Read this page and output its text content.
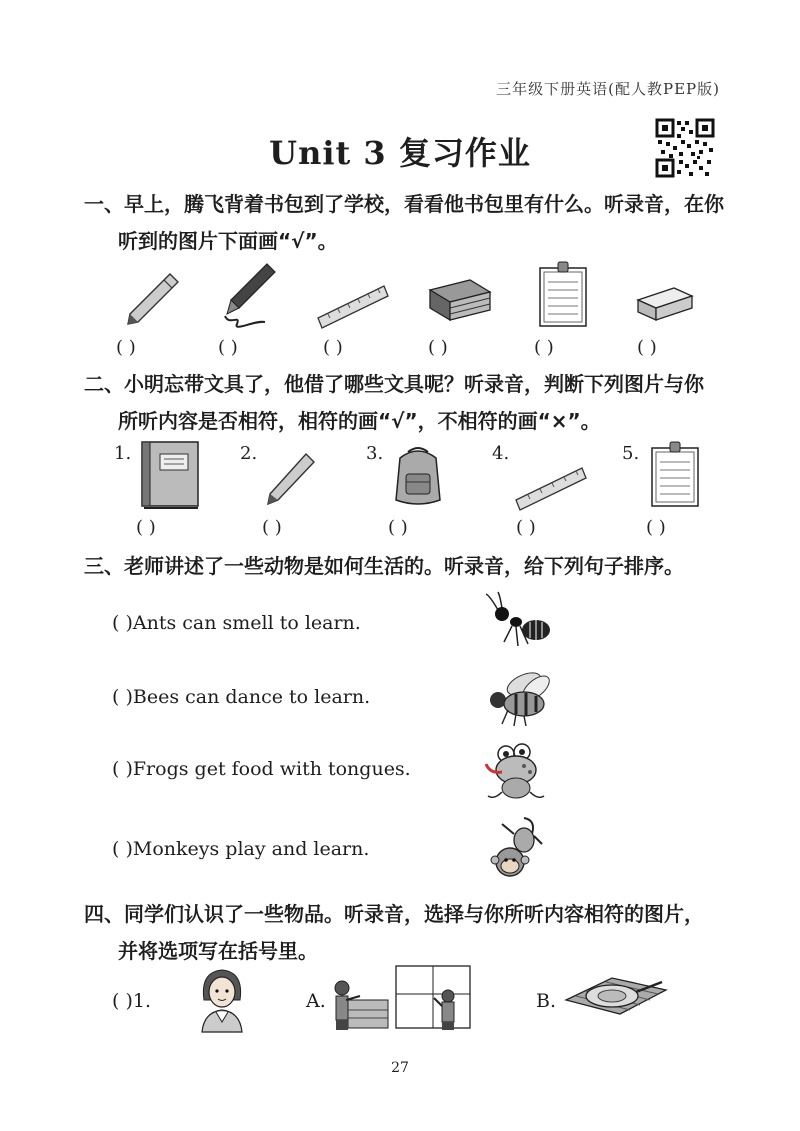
三年级下册英语(配人教PEP版)
Unit 3 复习作业
一、早上，腾飞背着书包到了学校，看看他书包里有什么。听录音，在你
听到的图片下面画“√”。
( )	( )	( )	( )	( )	( )
二、小明忘带文具了，他借了哪些文具呢？听录音，判断下列图片与你
所听内容是否相符，相符的画“√”，不相符的画“×”。
1.	2.	3.	4.	5.
( )	( )	( )	( )	( )
三、老师讲述了一些动物是如何生活的。听录音，给下列句子排序。
( )Ants can smell to learn.
( )Bees can dance to learn.
( )Frogs get food with tongues.
( )Monkeys play and learn.
四、同学们认识了一些物品。听录音，选择与你所听内容相符的图片，
并将选项写在括号里。
( )1.	A.	B.
27
